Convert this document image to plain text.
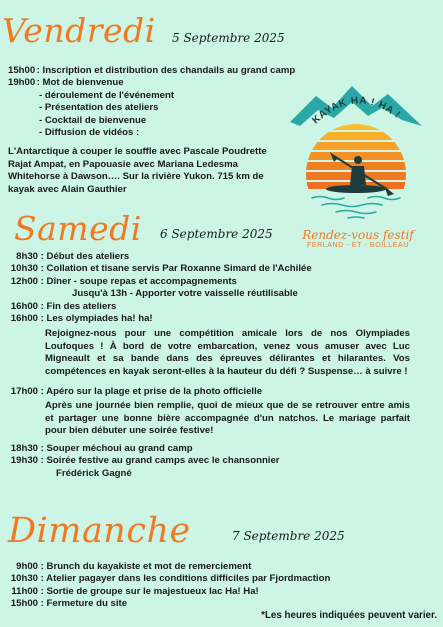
Vendredi 5 Septembre 2025
15h00
: Inscription et distribution des chandails au grand camp
19h00
: Mot de bienvenue
- déroulement de l'événement
- Présentation des ateliers
- Cocktail de bienvenue
- Diffusion de vidéos :
L'Antarctique à couper le souffle avec Pascale Poudrette
Rajat Ampat, en Papouasie avec Mariana Ledesma
Whitehorse à Dawson…. Sur la rivière Yukon. 715 km de
kayak avec Alain Gauthier
KAYAK HA ! HA !
Rendez-vous festif
FERLAND - ET - BOILLEAU
Samedi 6 Septembre 2025
8h30 : Début des ateliers
10h30 : Collation et tisane servis Par Roxanne Simard de l'Achilée
12h00 : Dîner - soupe repas et accompagnements
Jusqu'à 13h - Apporter votre vaisselle réutilisable
16h00 : Fin des ateliers
16h00 : Les olympiades ha! ha!
Rejoignez-nous pour une compétition amicale lors de nos Olympiades Loufoques ! À bord de votre embarcation, venez vous amuser avec Luc Migneault et sa bande dans des épreuves délirantes et hilarantes. Vos compétences en kayak seront-elles à la hauteur du défi ? Suspense… à suivre !
17h00 : Apéro sur la plage et prise de la photo officielle
Après une journée bien remplie, quoi de mieux que de se retrouver entre amis et partager une bonne bière accompagnée d'un natchos. Le mariage parfait pour bien débuter une soirée festive!
18h30 : Souper méchoui au grand camp
19h30 : Soirée festive au grand camps avec le chansonnier
Frédérick Gagné
Dimanche	7 Septembre 2025
9h00 : Brunch du kayakiste et mot de remerciement
10h30 : Atelier pagayer dans les conditions difficiles par Fjordmaction
11h00 : Sortie de groupe sur le majestueux lac Ha! Ha!
15h00 : Fermeture du site
*Les heures indiquées peuvent varier.
